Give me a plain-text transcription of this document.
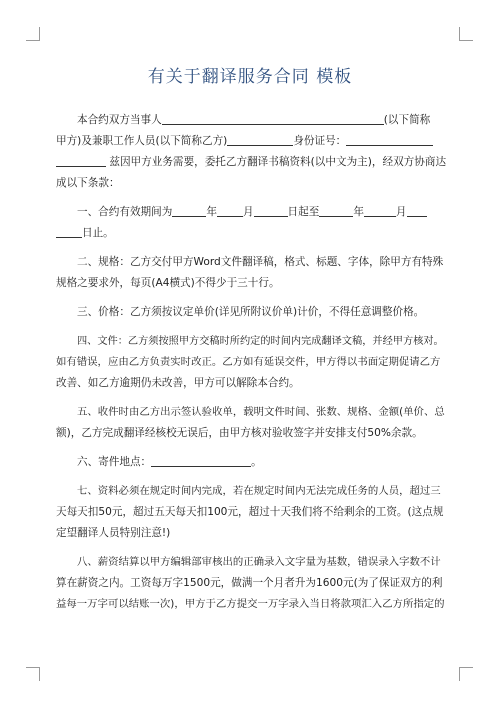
有关于翻译服务合同 模板
本合约双方当事人	(以下简称
甲方)及兼职工作人员(以下简称乙方)	身份证号：
兹因甲方业务需要，委托乙方翻译书稿资料(以中文为主)，经双方协商达
成以下条款：
一、合约有效期间为	年 月	日起至	年	月
日止。
二、规格：乙方交付甲方Word文件翻译稿，格式、标题、字体，除甲方有特殊
规格之要求外，每页(A4横式)不得少于三十行。
三、价格：乙方须按议定单价(详见所附议价单)计价，不得任意调整价格。
四、文件：乙方须按照甲方交稿时所约定的时间内完成翻译文稿，并经甲方核对。
如有错误，应由乙方负责实时改正。乙方如有延误交件，甲方得以书面定期促请乙方
改善、如乙方逾期仍未改善，甲方可以解除本合约。
五、收件时由乙方出示签认验收单，载明文件时间、张数、规格、金额(单价、总
额)，乙方完成翻译经核校无误后，由甲方核对验收签字并安排支付50%余款。
六、寄件地点：	。
七、资料必须在规定时间内完成，若在规定时间内无法完成任务的人员，超过三
天每天扣50元，超过五天每天扣100元，超过十天我们将不给剩余的工资。(这点规
定望翻译人员特别注意!)
八、薪资结算以甲方编辑部审核出的正确录入文字量为基数，错误录入字数不计
算在薪资之内。工资每万字1500元，做满一个月者升为1600元(为了保证双方的利
益每一万字可以结账一次)，甲方于乙方提交一万字录入当日将款项汇入乙方所指定的
